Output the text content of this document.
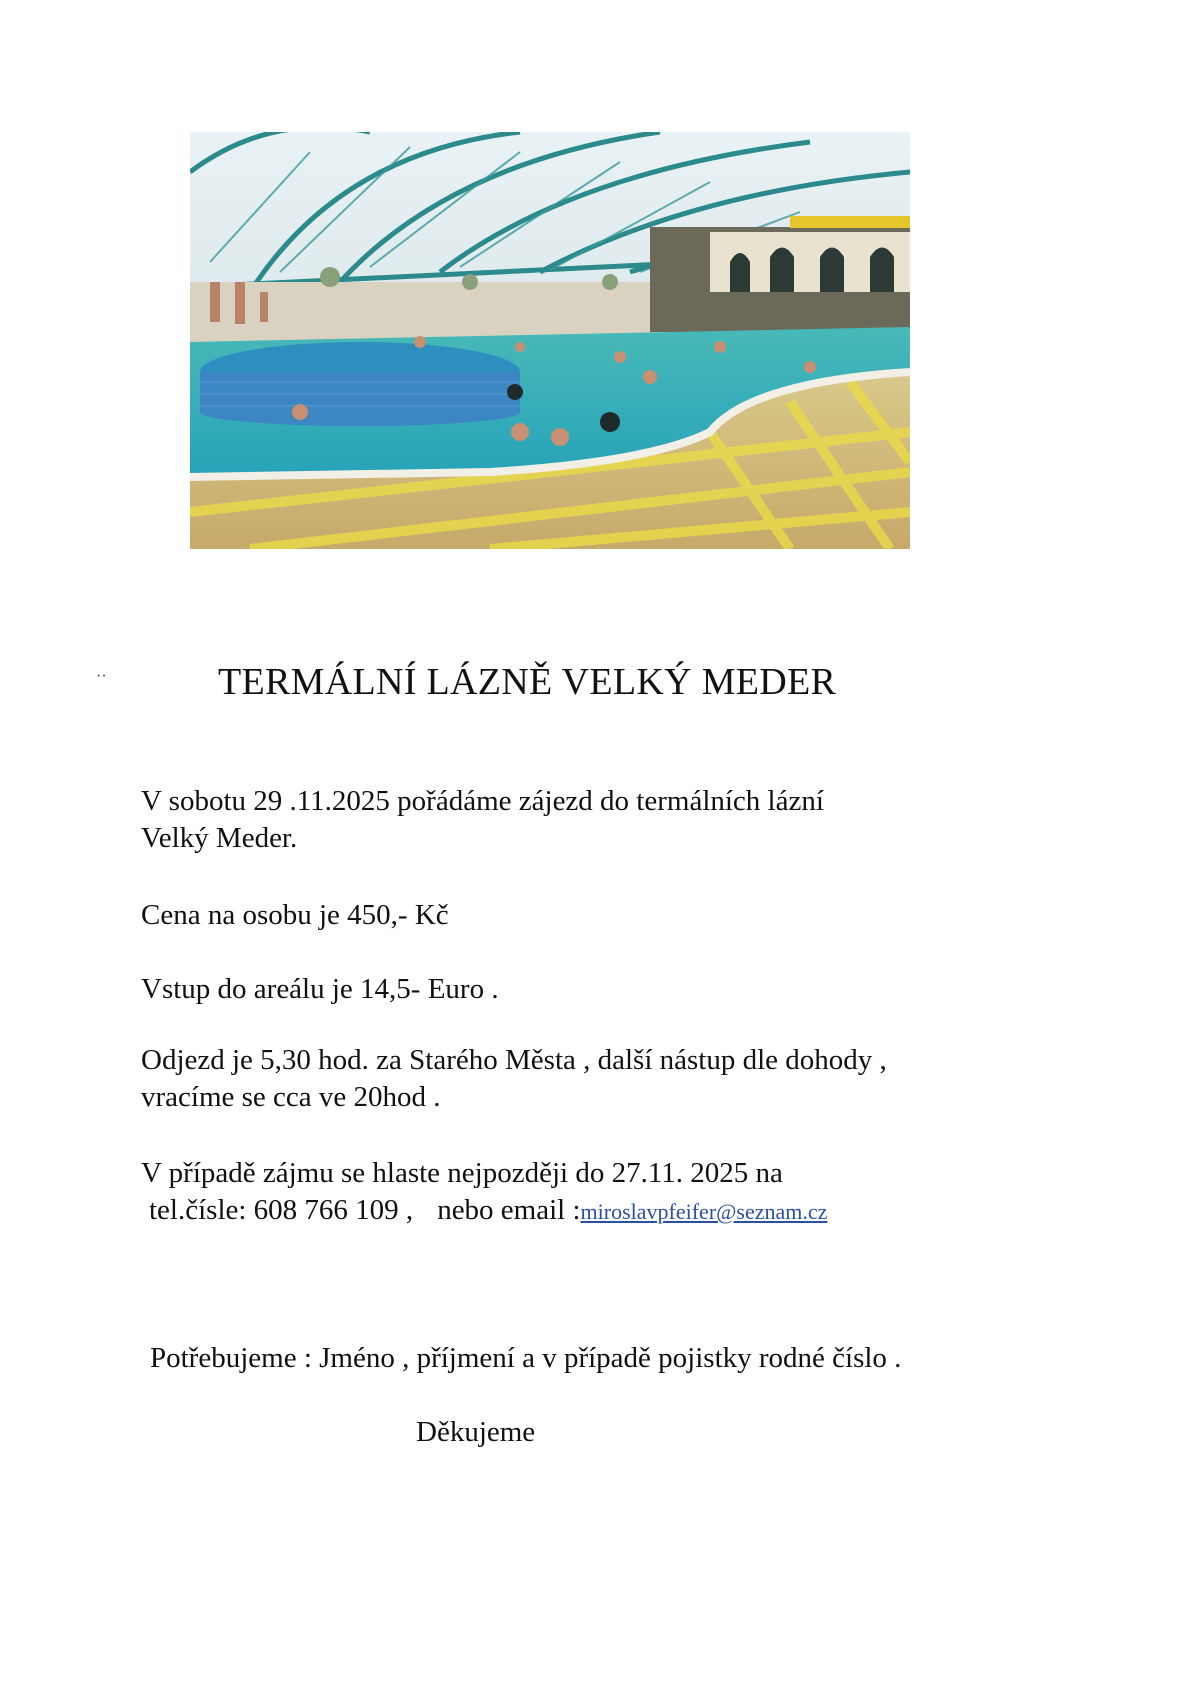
··	TERMÁLNÍ LÁZNĚ VELKÝ MEDER
V sobotu 29 .11.2025 pořádáme zájezd do termálních lázní
Velký Meder.
Cena na osobu je 450,- Kč
Vstup do areálu je 14,5- Euro .
Odjezd je 5,30 hod. za Starého Města , další nástup dle dohody ,
vracíme se cca ve 20hod .
V případě zájmu se hlaste nejpozději do 27.11. 2025 na
tel.čísle: 608 766 109 , nebo email :miroslavpfeifer@seznam.cz
Potřebujeme : Jméno , příjmení a v případě pojistky rodné číslo .
Děkujeme
